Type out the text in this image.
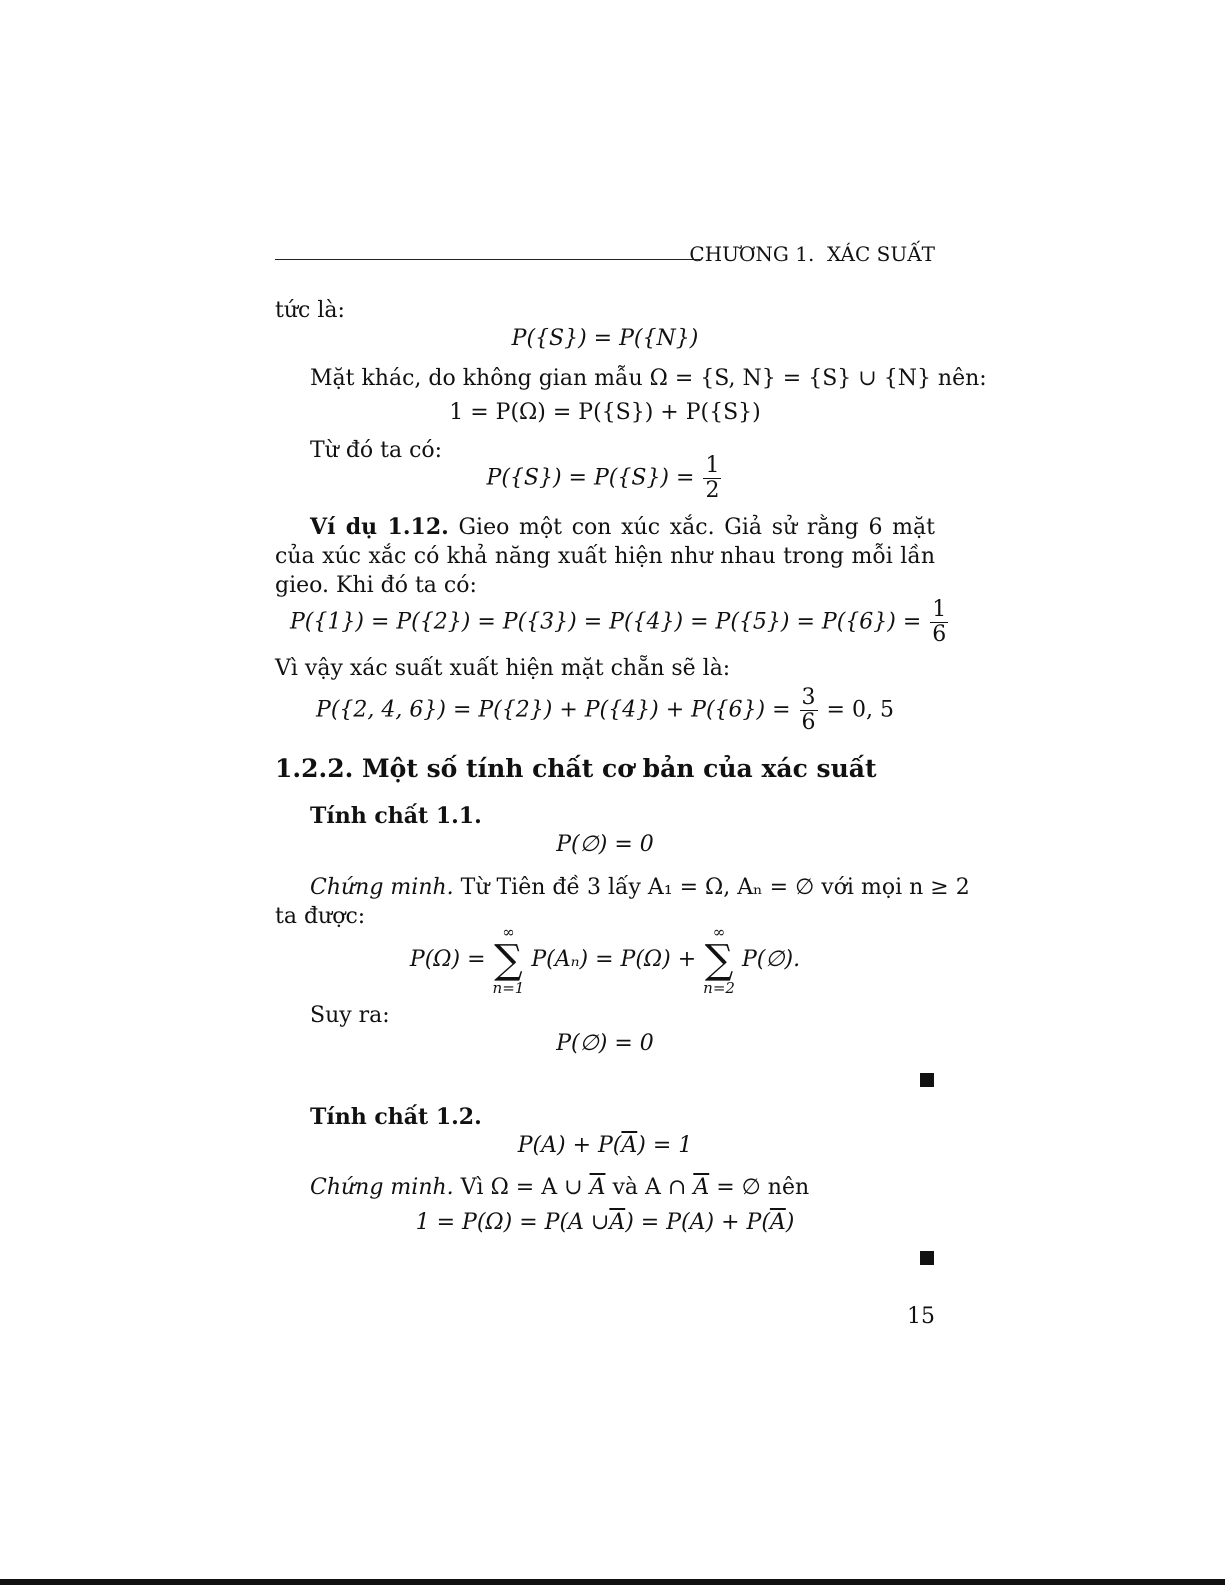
CHƯƠNG 1. XÁC SUẤT
tức là:
P({S}) = P({N})
Mặt khác, do không gian mẫu Ω = {S, N} = {S} ∪ {N} nên:
1 = P(Ω) = P({S}) + P({S})
Từ đó ta có:
$P(\{S\}) = P(\{S\}) = \frac{1}{2}$
Ví dụ 1.12. Gieo một con xúc xắc. Giả sử rằng 6 mặt của xúc xắc có khả năng xuất hiện như nhau trong mỗi lần gieo. Khi đó ta có:
$P(\{1\}) = P(\{2\}) = P(\{3\}) = P(\{4\}) = P(\{5\}) = P(\{6\}) = \frac{1}{6}$
Vì vậy xác suất xuất hiện mặt chẵn sẽ là:
P({2, 4, $6\}) = P(\{2\}) + P(\{4\}) + P(\{6\}) = \frac{3}{6} = 0$, 5
1.2.2. Một số tính chất cơ bản của xác suất
Tính chất 1.1.
P(∅) = 0
Chứng minh. Từ Tiên đề 3 lấy A₁ = Ω, Aₙ = ∅ với mọi n ≥ 2
ta được:
P(Ω) =
∞
∑
n=1
P(Aₙ) = P(Ω) +
∞
∑
n=2
P(∅).
Suy ra:
P(∅) = 0
Tính chất 1.2.
$P(A) + P(\overline{A}) = 1$
Chứng minh. Vì Ω = A ∪ $\overline{A}$ và A ∩ $\overline{A}$ = ∅ nên
1 = P(Ω) = P(A $\cup\overline{A}) = P(A) + P(\overline{A})$
15
